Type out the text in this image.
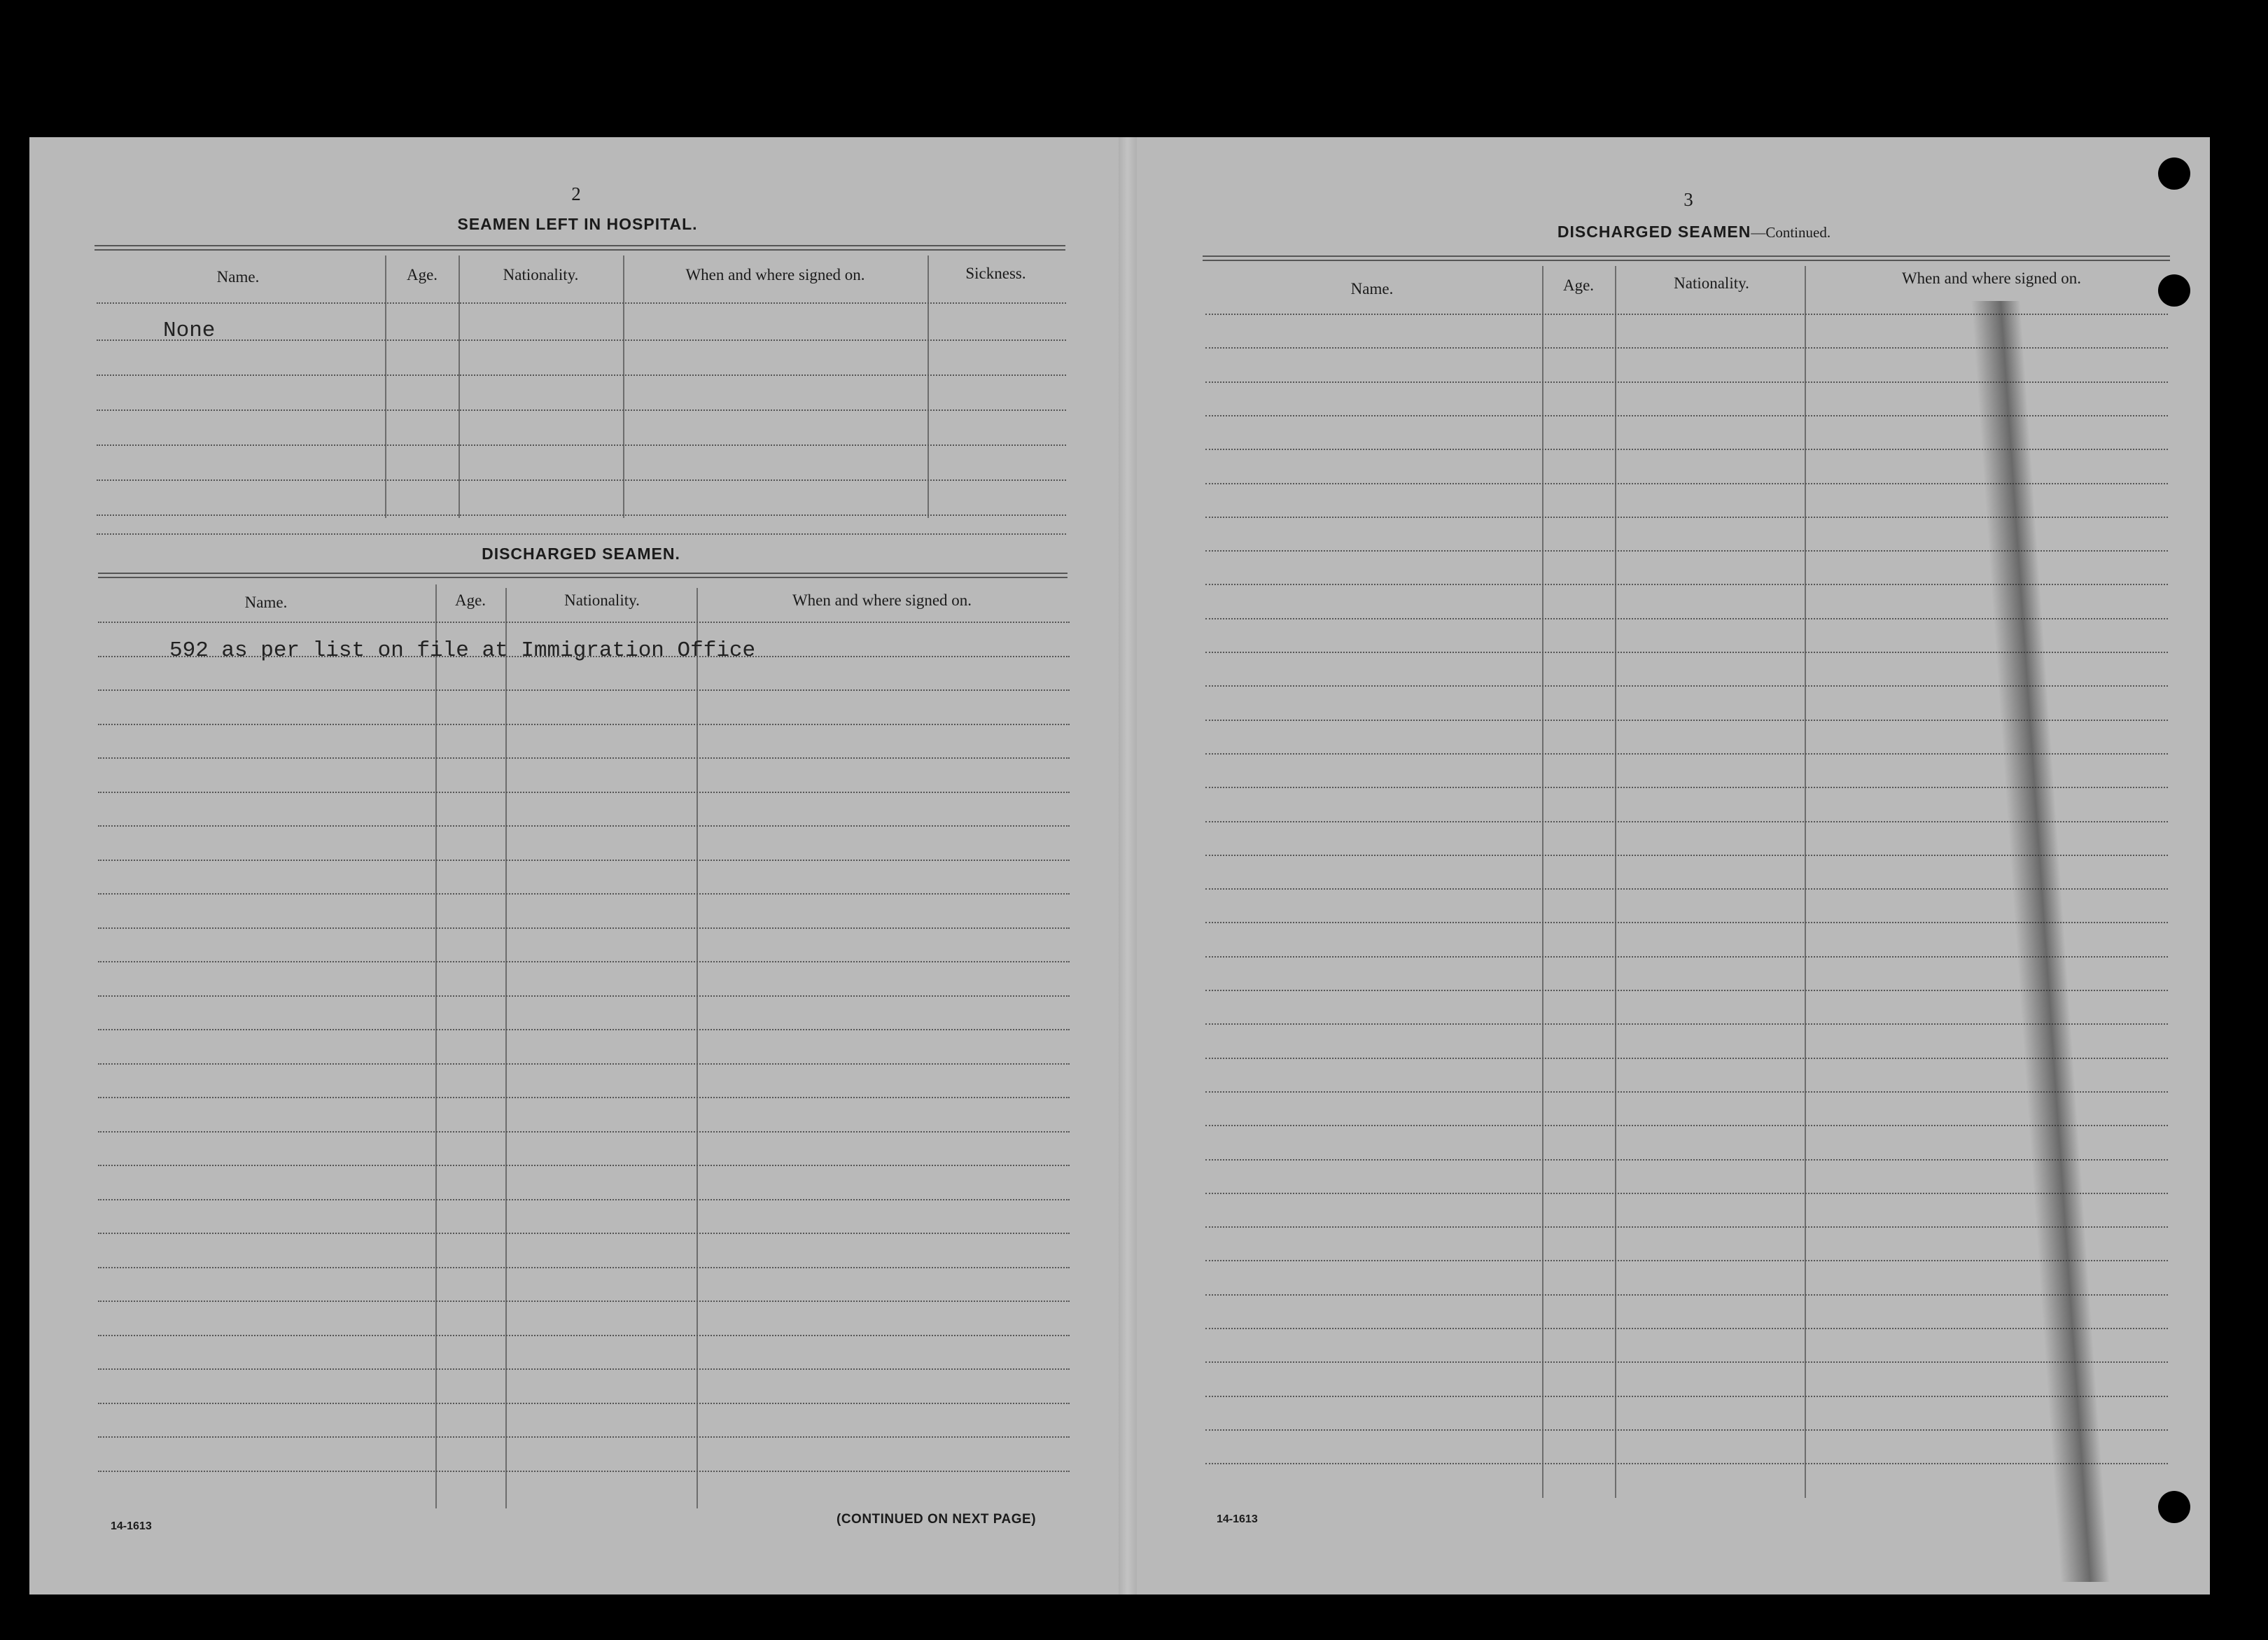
2
SEAMEN LEFT IN HOSPITAL.
Name.	Age.	Nationality.	When and where signed on.	Sickness.
None
DISCHARGED SEAMEN.
Name.	Age.	Nationality.	When and where signed on.
592 as per list on file at Immigration Office
14-1613	(CONTINUED ON NEXT PAGE)
3
DISCHARGED SEAMEN—Continued.
Name.	Age.	Nationality.	When and where signed on.
14-1613
